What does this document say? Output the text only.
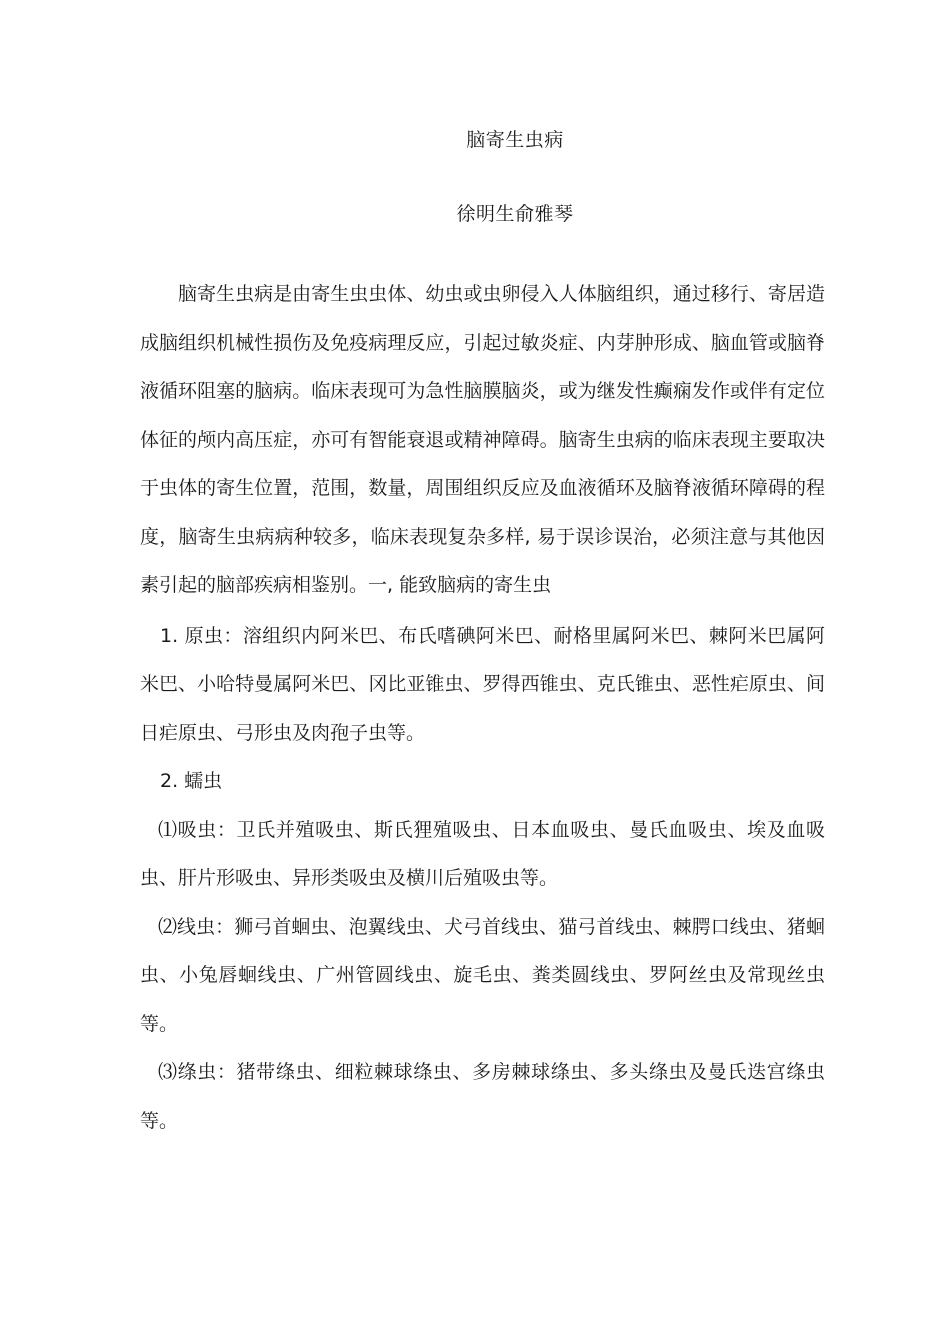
脑寄生虫病
徐明生俞雅琴

脑寄生虫病是由寄生虫虫体、幼虫或虫卵侵入人体脑组织，通过移行、寄居造成脑组织机械性损伤及免疫病理反应，引起过敏炎症、内芽肿形成、脑血管或脑脊液循环阻塞的脑病。临床表现可为急性脑膜脑炎，或为继发性癫痫发作或伴有定位体征的颅内高压症，亦可有智能衰退或精神障碍。脑寄生虫病的临床表现主要取决于虫体的寄生位置，范围，数量，周围组织反应及血液循环及脑脊液循环障碍的程度，脑寄生虫病病种较多，临床表现复杂多样, 易于误诊误治，必须注意与其他因素引起的脑部疾病相鉴别。一, 能致脑病的寄生虫

1. 原虫：溶组织内阿米巴、布氏嗜碘阿米巴、耐格里属阿米巴、棘阿米巴属阿米巴、小哈特曼属阿米巴、冈比亚锥虫、罗得西锥虫、克氏锥虫、恶性疟原虫、间日疟原虫、弓形虫及肉孢子虫等。

2. 蠕虫

⑴吸虫：卫氏并殖吸虫、斯氏狸殖吸虫、日本血吸虫、曼氏血吸虫、埃及血吸虫、肝片形吸虫、异形类吸虫及横川后殖吸虫等。

⑵线虫：狮弓首蛔虫、泡翼线虫、犬弓首线虫、猫弓首线虫、棘腭口线虫、猪蛔虫、小兔唇蛔线虫、广州管圆线虫、旋毛虫、粪类圆线虫、罗阿丝虫及常现丝虫等。

⑶绦虫：猪带绦虫、细粒棘球绦虫、多房棘球绦虫、多头绦虫及曼氏迭宫绦虫等。
